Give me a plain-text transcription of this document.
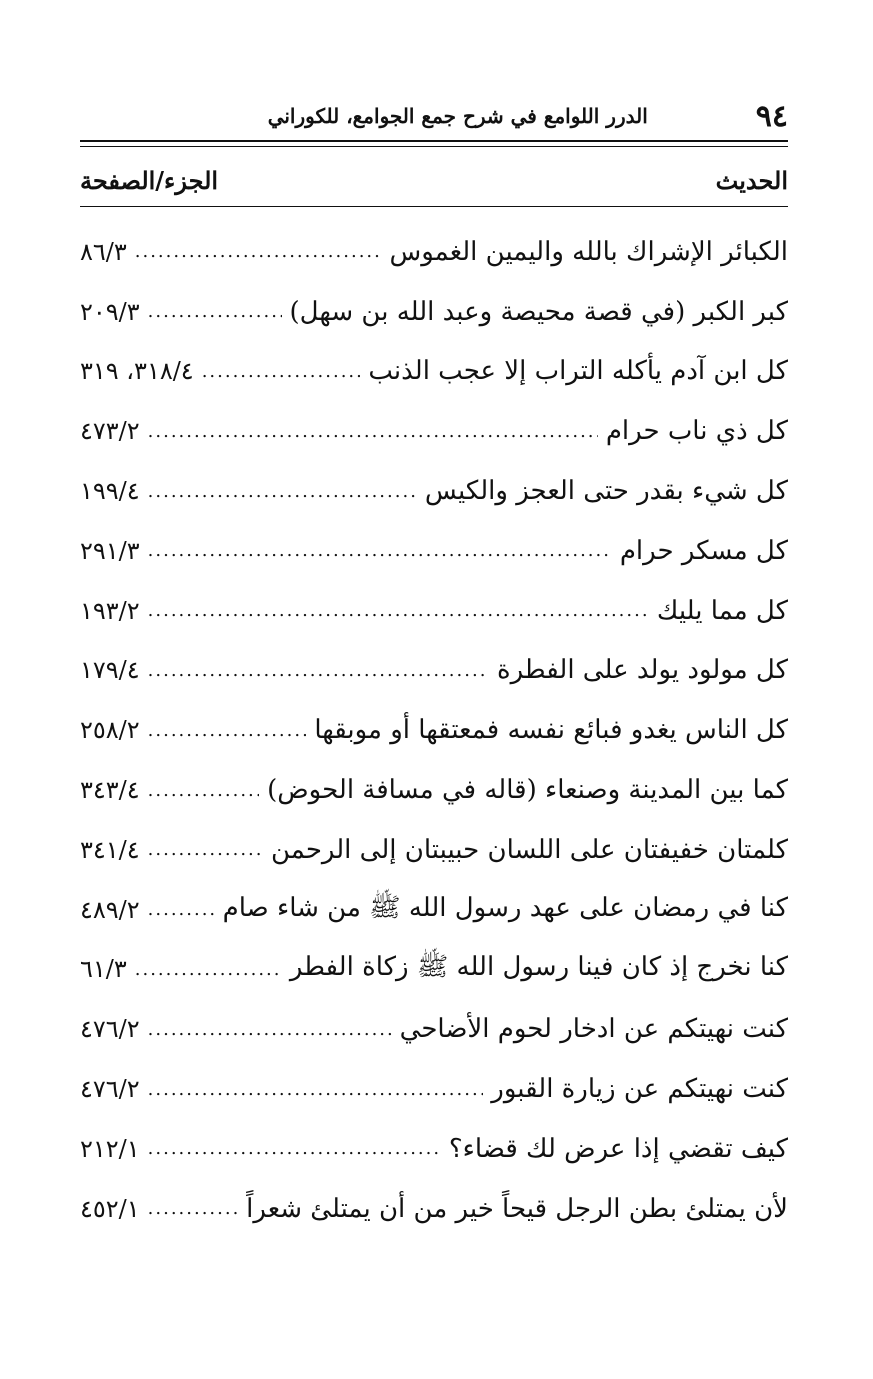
٩٤
الدرر اللوامع في شرح جمع الجوامع، للكوراني
الحديث
الجزء/الصفحة
الكبائر الإشراك بالله واليمين الغموس
.....
٨٦/٣
كبر الكبر (في قصة محيصة وعبد الله بن سهل)
.....
٢٠٩/٣
كل ابن آدم يأكله التراب إلا عجب الذنب
.....
٣١٨/٤، ٣١٩
كل ذي ناب حرام
.....
٤٧٣/٢
كل شيء بقدر حتى العجز والكيس
.....
١٩٩/٤
كل مسكر حرام
.....
٢٩١/٣
كل مما يليك
.....
١٩٣/٢
كل مولود يولد على الفطرة
.....
١٧٩/٤
كل الناس يغدو فبائع نفسه فمعتقها أو موبقها
.....
٢٥٨/٢
كما بين المدينة وصنعاء (قاله في مسافة الحوض)
.....
٣٤٣/٤
كلمتان خفيفتان على اللسان حبيبتان إلى الرحمن
.....
٣٤١/٤
كنا في رمضان على عهد رسول الله ﷺ من شاء صام
.....
٤٨٩/٢
كنا نخرج إذ كان فينا رسول الله ﷺ زكاة الفطر
.....
٦١/٣
كنت نهيتكم عن ادخار لحوم الأضاحي
.....
٤٧٦/٢
كنت نهيتكم عن زيارة القبور
.....
٤٧٦/٢
كيف تقضي إذا عرض لك قضاء؟
.....
٢١٢/١
لأن يمتلئ بطن الرجل قيحاً خير من أن يمتلئ شعراً
.....
٤٥٢/١
